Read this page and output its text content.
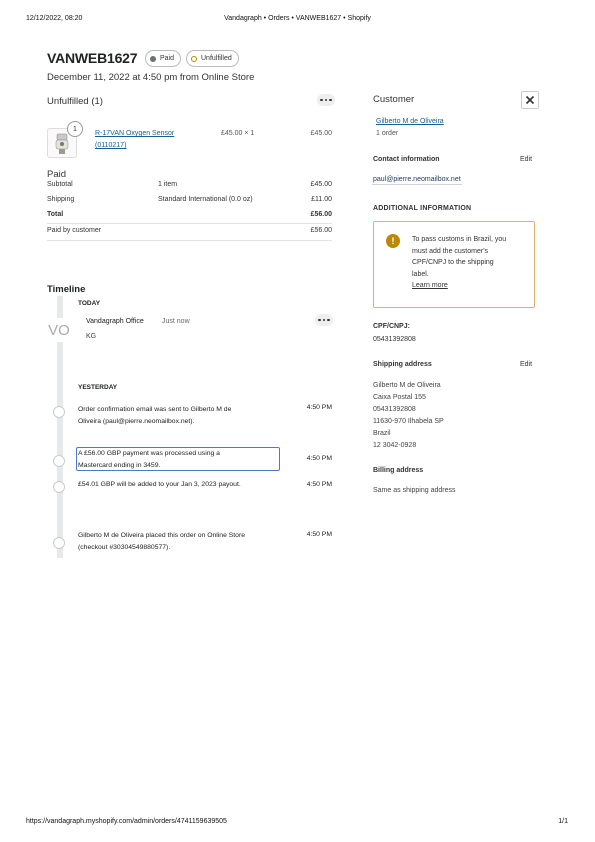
12/12/2022, 08:20	Vandagraph • Orders • VANWEB1627 • Shopify
VANWEB1627	Paid	Unfulfilled
December 11, 2022 at 4:50 pm from Online Store
Unfulfilled (1)
1
R-17VAN Oxygen Sensor
(0110217)
£45.00 × 1	£45.00
Paid
Subtotal	1 item	£45.00
Shipping	Standard International (0.0 oz)	£11.00
Total	£56.00
Paid by customer	£56.00
Timeline
TODAY
VO	Vandagraph Office	Just now
KG
YESTERDAY
Order confirmation email was sent to Gilberto M de
Oliveira (paul@pierre.neomailbox.net).
4:50 PM
A £56.00 GBP payment was processed using a
Mastercard ending in 3459.
4:50 PM
£54.01 GBP will be added to your Jan 3, 2023 payout.	4:50 PM
Gilberto M de Oliveira placed this order on Online Store
(checkout #30304549880577).
4:50 PM
Customer
Gilberto M de Oliveira
1 order
Contact information	Edit
paul@pierre.neomailbox.net
ADDITIONAL INFORMATION
!	To pass customs in Brazil, you
must add the customer's
CPF/CNPJ to the shipping
label.
Learn more
CPF/CNPJ:
05431392808
Shipping address	Edit
Gilberto M de Oliveira
Caixa Postal 155
05431392808
11630-970 Ilhabela SP
Brazil
12 3042-0928
Billing address
Same as shipping address
https://vandagraph.myshopify.com/admin/orders/4741159639505	1/1
